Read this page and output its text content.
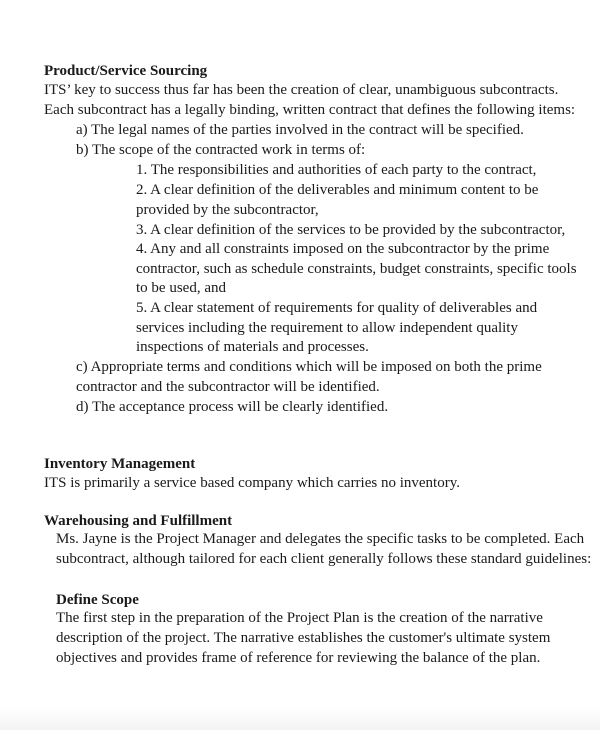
Product/Service Sourcing
ITS’ key to success thus far has been the creation of clear, unambiguous subcontracts.
Each subcontract has a legally binding, written contract that defines the following items:
a) The legal names of the parties involved in the contract will be specified.
b) The scope of the contracted work in terms of:
1. The responsibilities and authorities of each party to the contract,
2. A clear definition of the deliverables and minimum content to be
provided by the subcontractor,
3. A clear definition of the services to be provided by the subcontractor,
4. Any and all constraints imposed on the subcontractor by the prime
contractor, such as schedule constraints, budget constraints, specific tools
to be used, and
5. A clear statement of requirements for quality of deliverables and
services including the requirement to allow independent quality
inspections of materials and processes.
c) Appropriate terms and conditions which will be imposed on both the prime
contractor and the subcontractor will be identified.
d) The acceptance process will be clearly identified.
Inventory Management
ITS is primarily a service based company which carries no inventory.
Warehousing and Fulfillment
Ms. Jayne is the Project Manager and delegates the specific tasks to be completed. Each
subcontract, although tailored for each client generally follows these standard guidelines:
Define Scope
The first step in the preparation of the Project Plan is the creation of the narrative
description of the project. The narrative establishes the customer's ultimate system
objectives and provides frame of reference for reviewing the balance of the plan.
